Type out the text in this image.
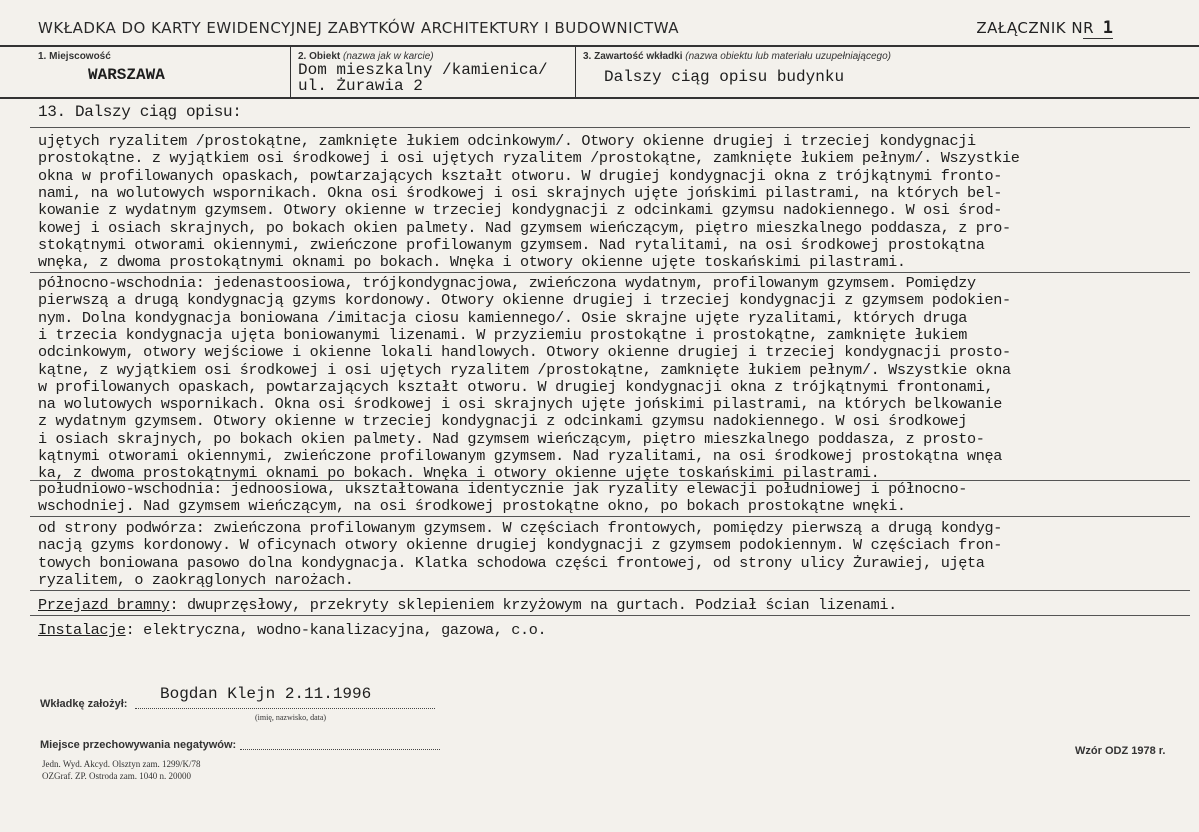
WKŁADKA DO KARTY EWIDENCYJNEJ ZABYTKÓW ARCHITEKTURY I BUDOWNICTWA	ZAŁĄCZNIK NR 1
1. Miejscowość
WARSZAWA
2. Obiekt (nazwa jak w karcie)
Dom mieszkalny /kamienica/
ul. Żurawia 2
3. Zawartość wkładki (nazwa obiektu lub materiału uzupełniającego)
Dalszy ciąg opisu budynku
13. Dalszy ciąg opisu:
ujętych ryzalitem /prostokątne, zamknięte łukiem odcinkowym/. Otwory okienne drugiej i trzeciej kondygnacji
prostokątne. z wyjątkiem osi środkowej i osi ujętych ryzalitem /prostokątne, zamknięte łukiem pełnym/. Wszystkie
okna w profilowanych opaskach, powtarzających kształt otworu. W drugiej kondygnacji okna z trójkątnymi fronto-
nami, na wolutowych wspornikach. Okna osi środkowej i osi skrajnych ujęte jońskimi pilastrami, na których bel-
kowanie z wydatnym gzymsem. Otwory okienne w trzeciej kondygnacji z odcinkami gzymsu nadokiennego. W osi środ-
kowej i osiach skrajnych, po bokach okien palmety. Nad gzymsem wieńczącym, piętro mieszkalnego poddasza, z pro-
stokątnymi otworami okiennymi, zwieńczone profilowanym gzymsem. Nad rytalitami, na osi środkowej prostokątna
wnęka, z dwoma prostokątnymi oknami po bokach. Wnęka i otwory okienne ujęte toskańskimi pilastrami.
północno-wschodnia: jedenastoosiowa, trójkondygnacjowa, zwieńczona wydatnym, profilowanym gzymsem. Pomiędzy
pierwszą a drugą kondygnacją gzyms kordonowy. Otwory okienne drugiej i trzeciej kondygnacji z gzymsem podokien-
nym. Dolna kondygnacja boniowana /imitacja ciosu kamiennego/. Osie skrajne ujęte ryzalitami, których druga
i trzecia kondygnacja ujęta boniowanymi lizenami. W przyziemiu prostokątne i prostokątne, zamknięte łukiem
odcinkowym, otwory wejściowe i okienne lokali handlowych. Otwory okienne drugiej i trzeciej kondygnacji prosto-
kątne, z wyjątkiem osi środkowej i osi ujętych ryzalitem /prostokątne, zamknięte łukiem pełnym/. Wszystkie okna
w profilowanych opaskach, powtarzających kształt otworu. W drugiej kondygnacji okna z trójkątnymi frontonami,
na wolutowych wspornikach. Okna osi środkowej i osi skrajnych ujęte jońskimi pilastrami, na których belkowanie
z wydatnym gzymsem. Otwory okienne w trzeciej kondygnacji z odcinkami gzymsu nadokiennego. W osi środkowej
i osiach skrajnych, po bokach okien palmety. Nad gzymsem wieńczącym, piętro mieszkalnego poddasza, z prosto-
kątnymi otworami okiennymi, zwieńczone profilowanym gzymsem. Nad ryzalitami, na osi środkowej prostokątna wnęa
ka, z dwoma prostokątnymi oknami po bokach. Wnęka i otwory okienne ujęte toskańskimi pilastrami.
południowo-wschodnia: jednoosiowa, ukształtowana identycznie jak ryzality elewacji południowej i północno-
wschodniej. Nad gzymsem wieńczącym, na osi środkowej prostokątne okno, po bokach prostokątne wnęki.
od strony podwórza: zwieńczona profilowanym gzymsem. W częściach frontowych, pomiędzy pierwszą a drugą kondyg-
nacją gzyms kordonowy. W oficynach otwory okienne drugiej kondygnacji z gzymsem podokiennym. W częściach fron-
towych boniowana pasowo dolna kondygnacja. Klatka schodowa części frontowej, od strony ulicy Żurawiej, ujęta
ryzalitem, o zaokrąglonych narożach.
Przejazd bramny: dwuprzęsłowy, przekryty sklepieniem krzyżowym na gurtach. Podział ścian lizenami.
Instalacje: elektryczna, wodno-kanalizacyjna, gazowa, c.o.
Wkładkę założył:
Bogdan Klejn 2.11.1996
(imię, nazwisko, data)
Miejsce przechowywania negatywów:	Wzór ODZ 1978 r.
Jedn. Wyd. Akcyd. Olsztyn zam. 1299/K/78
OZGraf. ZP. Ostroda zam. 1040 n. 20000
